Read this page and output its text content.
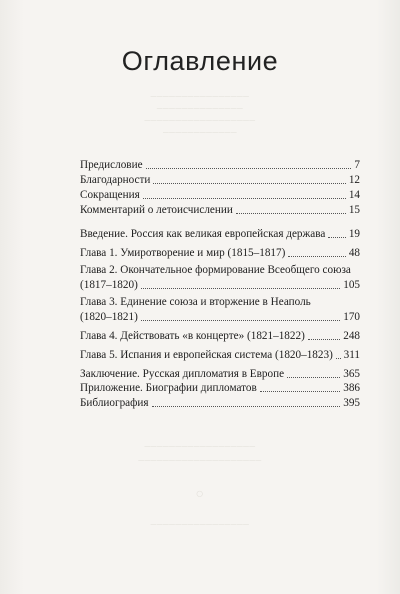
────────────────
──────────────
──────────────────
────────────
──────────────────
────────────────────
○
────────────────
Оглавление
Предисловие	7
Благодарности	12
Сокращения	14
Комментарий о летоисчислении	15
Введение. Россия как великая европейская держава 19
Глава 1. Умиротворение и мир (1815–1817)	48
Глава 2. Окончательное формирование Всеобщего союза
(1817–1820)	105
Глава 3. Единение союза и вторжение в Неаполь
(1820–1821)	170
Глава 4. Действовать «в концерте» (1821–1822)	248
Глава 5. Испания и европейская система (1820–1823) 311
Заключение. Русская дипломатия в Европе	365
Приложение. Биографии дипломатов	386
Библиография	395
